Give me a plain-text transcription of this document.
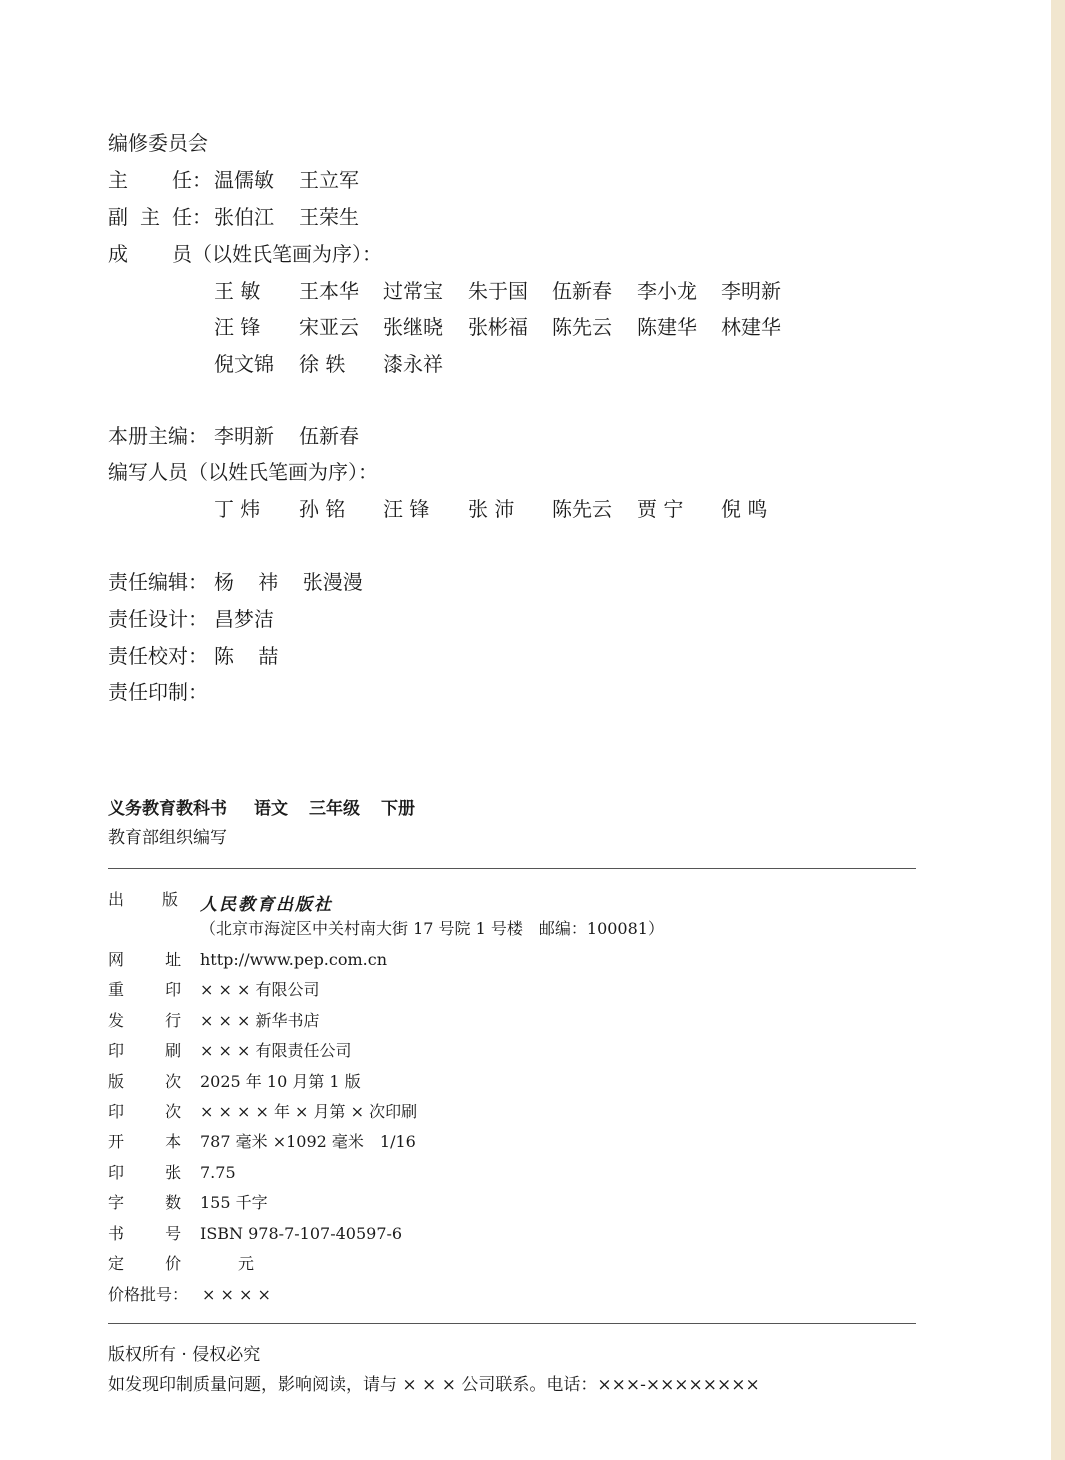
编修委员会
主 任： 温儒敏 王立军
副 主 任： 张伯江 王荣生
成 员（以姓氏笔画为序）：
王 敏 王本华 过常宝 朱于国 伍新春 李小龙 李明新
汪 锋 宋亚云 张继晓 张彬福 陈先云 陈建华 林建华
倪文锦 徐 轶 漆永祥
本册主编： 李明新 伍新春
编写人员（以姓氏笔画为序）：
丁 炜 孙 铭 汪 锋 张 沛 陈先云 贾 宁 倪 鸣
责任编辑： 杨 祎 张漫漫
责任设计： 昌梦洁
责任校对： 陈 喆
责任印制：
义务教育教科书 语文 三年级 下册
教育部组织编写
出 版 人民教育出版社
（北京市海淀区中关村南大街 17 号院 1 号楼　邮编：100081）
网 址 http://www.pep.com.cn
重 印 × × × 有限公司
发 行 × × × 新华书店
印 刷 × × × 有限责任公司
版 次 2025 年 10 月第 1 版
印 次 × × × × 年 × 月第 × 次印刷
开 本 787 毫米 ×1092 毫米　1/16
印 张 7.75
字 数 155 千字
书 号 ISBN 978-7-107-40597-6
定 价	元
价格批号： × × × ×
版权所有 · 侵权必究
如发现印制质量问题，影响阅读，请与 × × × 公司联系。电话：×××-××××××××
